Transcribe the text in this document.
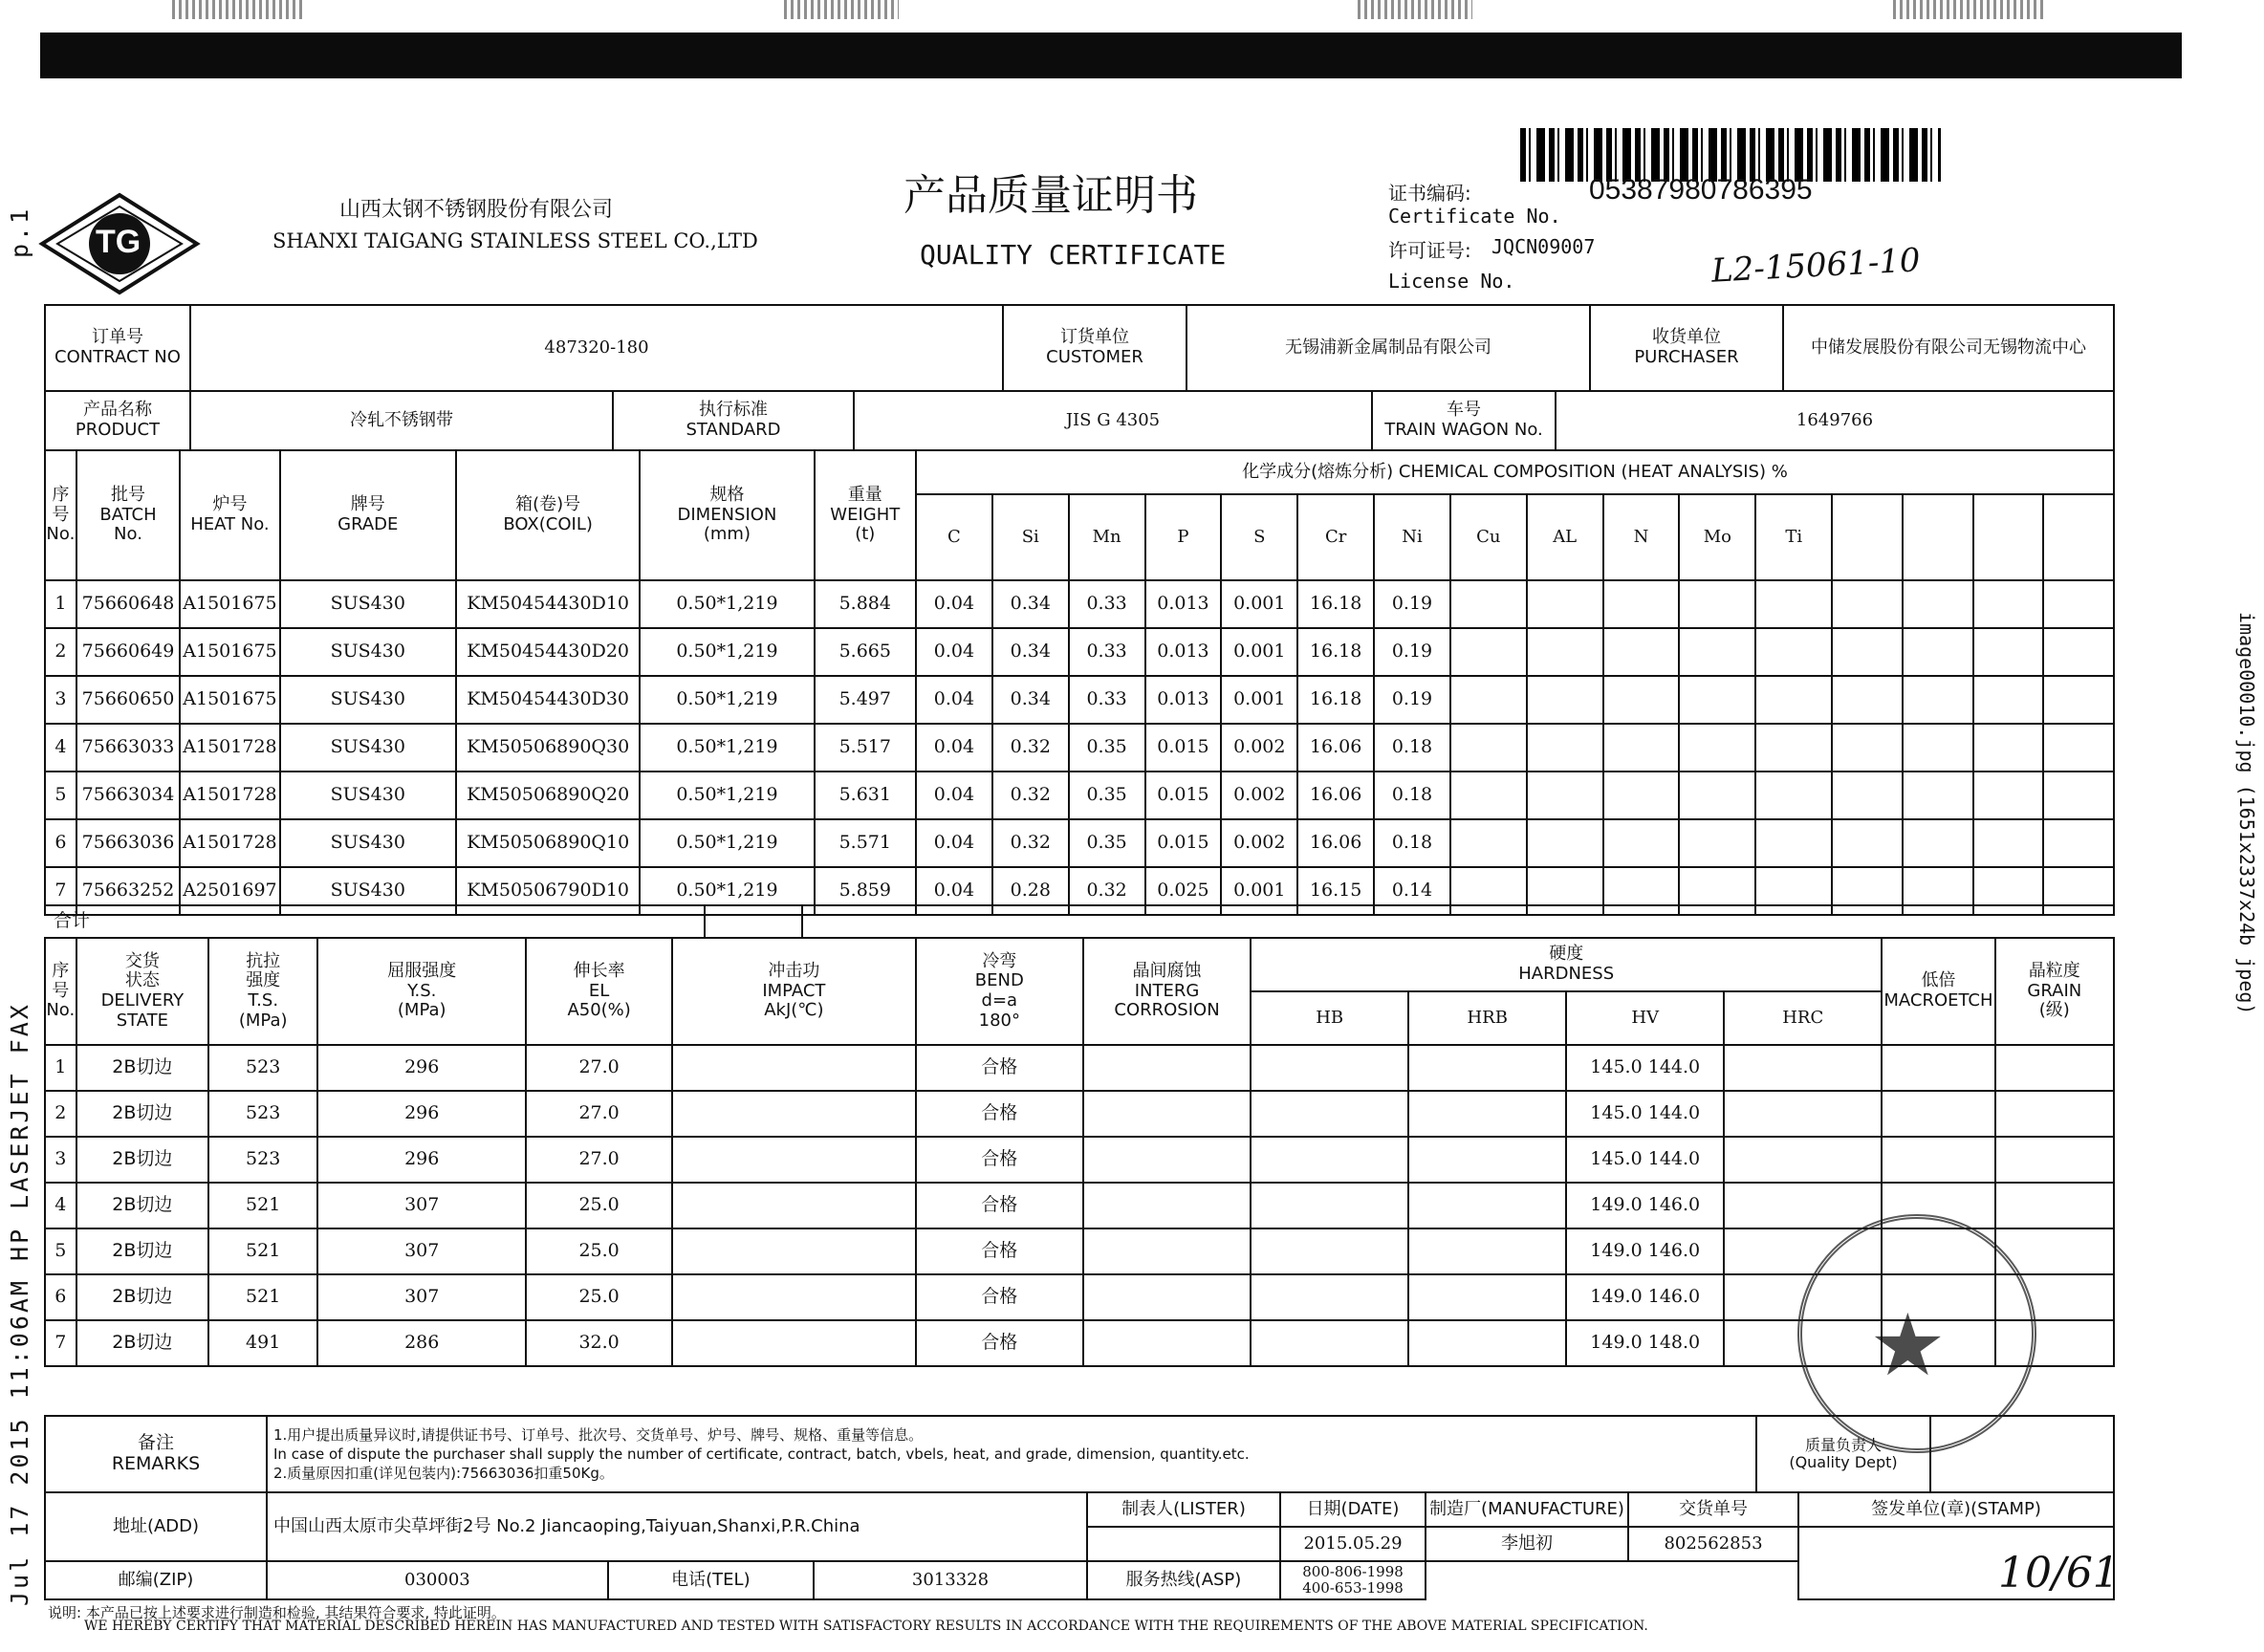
Jul 17 2015 11:06AM HP LASERJET FAX
p.1
image00010.jpg (1651x2337x24b jpeg)
TG
山西太钢不锈钢股份有限公司
SHANXI TAIGANG STAINLESS STEEL CO.,LTD
产品质量证明书
QUALITY CERTIFICATE
证书编码:	05387980786395
Certificate No.
许可证号: JQCN09007
License No.	L2-15061-10
订单号
CONTRACT NO	487320-180	订货单位
CUSTOMER	无锡浦新金属制品有限公司	收货单位
PURCHASER	中储发展股份有限公司无锡物流中心
产品名称
PRODUCT	冷轧不锈钢带	执行标准
STANDARD	JIS G 4305	车号
TRAIN WAGON No.	1649766
序
号
No.	批号
BATCH
No.	炉号
HEAT No.	牌号
GRADE	箱(卷)号
BOX(COIL)	规格
DIMENSION
(mm)	重量
WEIGHT
(t)	化学成分(熔炼分析) CHEMICAL COMPOSITION (HEAT ANALYSIS) %															
							C	Si	Mn	P	S	Cr	Ni	Cu	AL	N	Mo	Ti				
1	75660648	A1501675	SUS430	KM50454430D10	0.50*1,219	5.884	0.04	0.34	0.33	0.013	0.001	16.18	0.19									
2	75660649	A1501675	SUS430	KM50454430D20	0.50*1,219	5.665	0.04	0.34	0.33	0.013	0.001	16.18	0.19									
3	75660650	A1501675	SUS430	KM50454430D30	0.50*1,219	5.497	0.04	0.34	0.33	0.013	0.001	16.18	0.19									
4	75663033	A1501728	SUS430	KM50506890Q30	0.50*1,219	5.517	0.04	0.32	0.35	0.015	0.002	16.06	0.18									
5	75663034	A1501728	SUS430	KM50506890Q20	0.50*1,219	5.631	0.04	0.32	0.35	0.015	0.002	16.06	0.18									
6	75663036	A1501728	SUS430	KM50506890Q10	0.50*1,219	5.571	0.04	0.32	0.35	0.015	0.002	16.06	0.18									
7	75663252	A2501697	SUS430	KM50506790D10	0.50*1,219	5.859	0.04	0.28	0.32	0.025	0.001	16.15	0.14									
合计		
序
号
No.	交货
状态
DELIVERY
STATE	抗拉
强度
T.S.
(MPa)	屈服强度
Y.S.
(MPa)	伸长率
EL
A50(%)	冲击功
IMPACT
AkJ(℃)	冷弯
BEND
d=a
180°	晶间腐蚀
INTERG
CORROSION	硬度
HARDNESS				低倍
MACROETCH	晶粒度
GRAIN
(级)
								HB	HRB	HV	HRC		
1	2B切边	523	296	27.0		合格				145.0 144.0			
2	2B切边	523	296	27.0		合格				145.0 144.0			
3	2B切边	523	296	27.0		合格				145.0 144.0			
4	2B切边	521	307	25.0		合格				149.0 146.0			
5	2B切边	521	307	25.0		合格				149.0 146.0			
6	2B切边	521	307	25.0		合格				149.0 146.0			
7	2B切边	491	286	32.0		合格				149.0 148.0			
备注
REMARKS	
1.用户提出质量异议时,请提供证书号、订单号、批次号、交货单号、炉号、牌号、规格、重量等信息。
In case of dispute the purchaser shall supply the number of certificate, contract, batch, vbels, heat, and grade, dimension, quantity.etc.
2.质量原因扣重(详见包装内):75663036扣重50Kg。
	质量负责人
(Quality Dept)	
地址(ADD)	中国山西太原市尖草坪街2号 No.2 Jiancaoping,Taiyuan,Shanxi,P.R.China			制表人(LISTER)	日期(DATE)	制造厂(MANUFACTURE)	交货单号	签发单位(章)(STAMP)
					2015.05.29	李旭初	802562853	
邮编(ZIP)	030003	电话(TEL)	3013328	服务热线(ASP)	800-806-1998
400-653-1998			
说明: 本产品已按上述要求进行制造和检验, 其结果符合要求, 特此证明。
WE HEREBY CERTIFY THAT MATERIAL DESCRIBED HEREIN HAS MANUFACTURED AND TESTED WITH SATISFACTORY RESULTS IN ACCORDANCE WITH THE REQUIREMENTS OF THE ABOVE MATERIAL SPECIFICATION.
10/61
★
